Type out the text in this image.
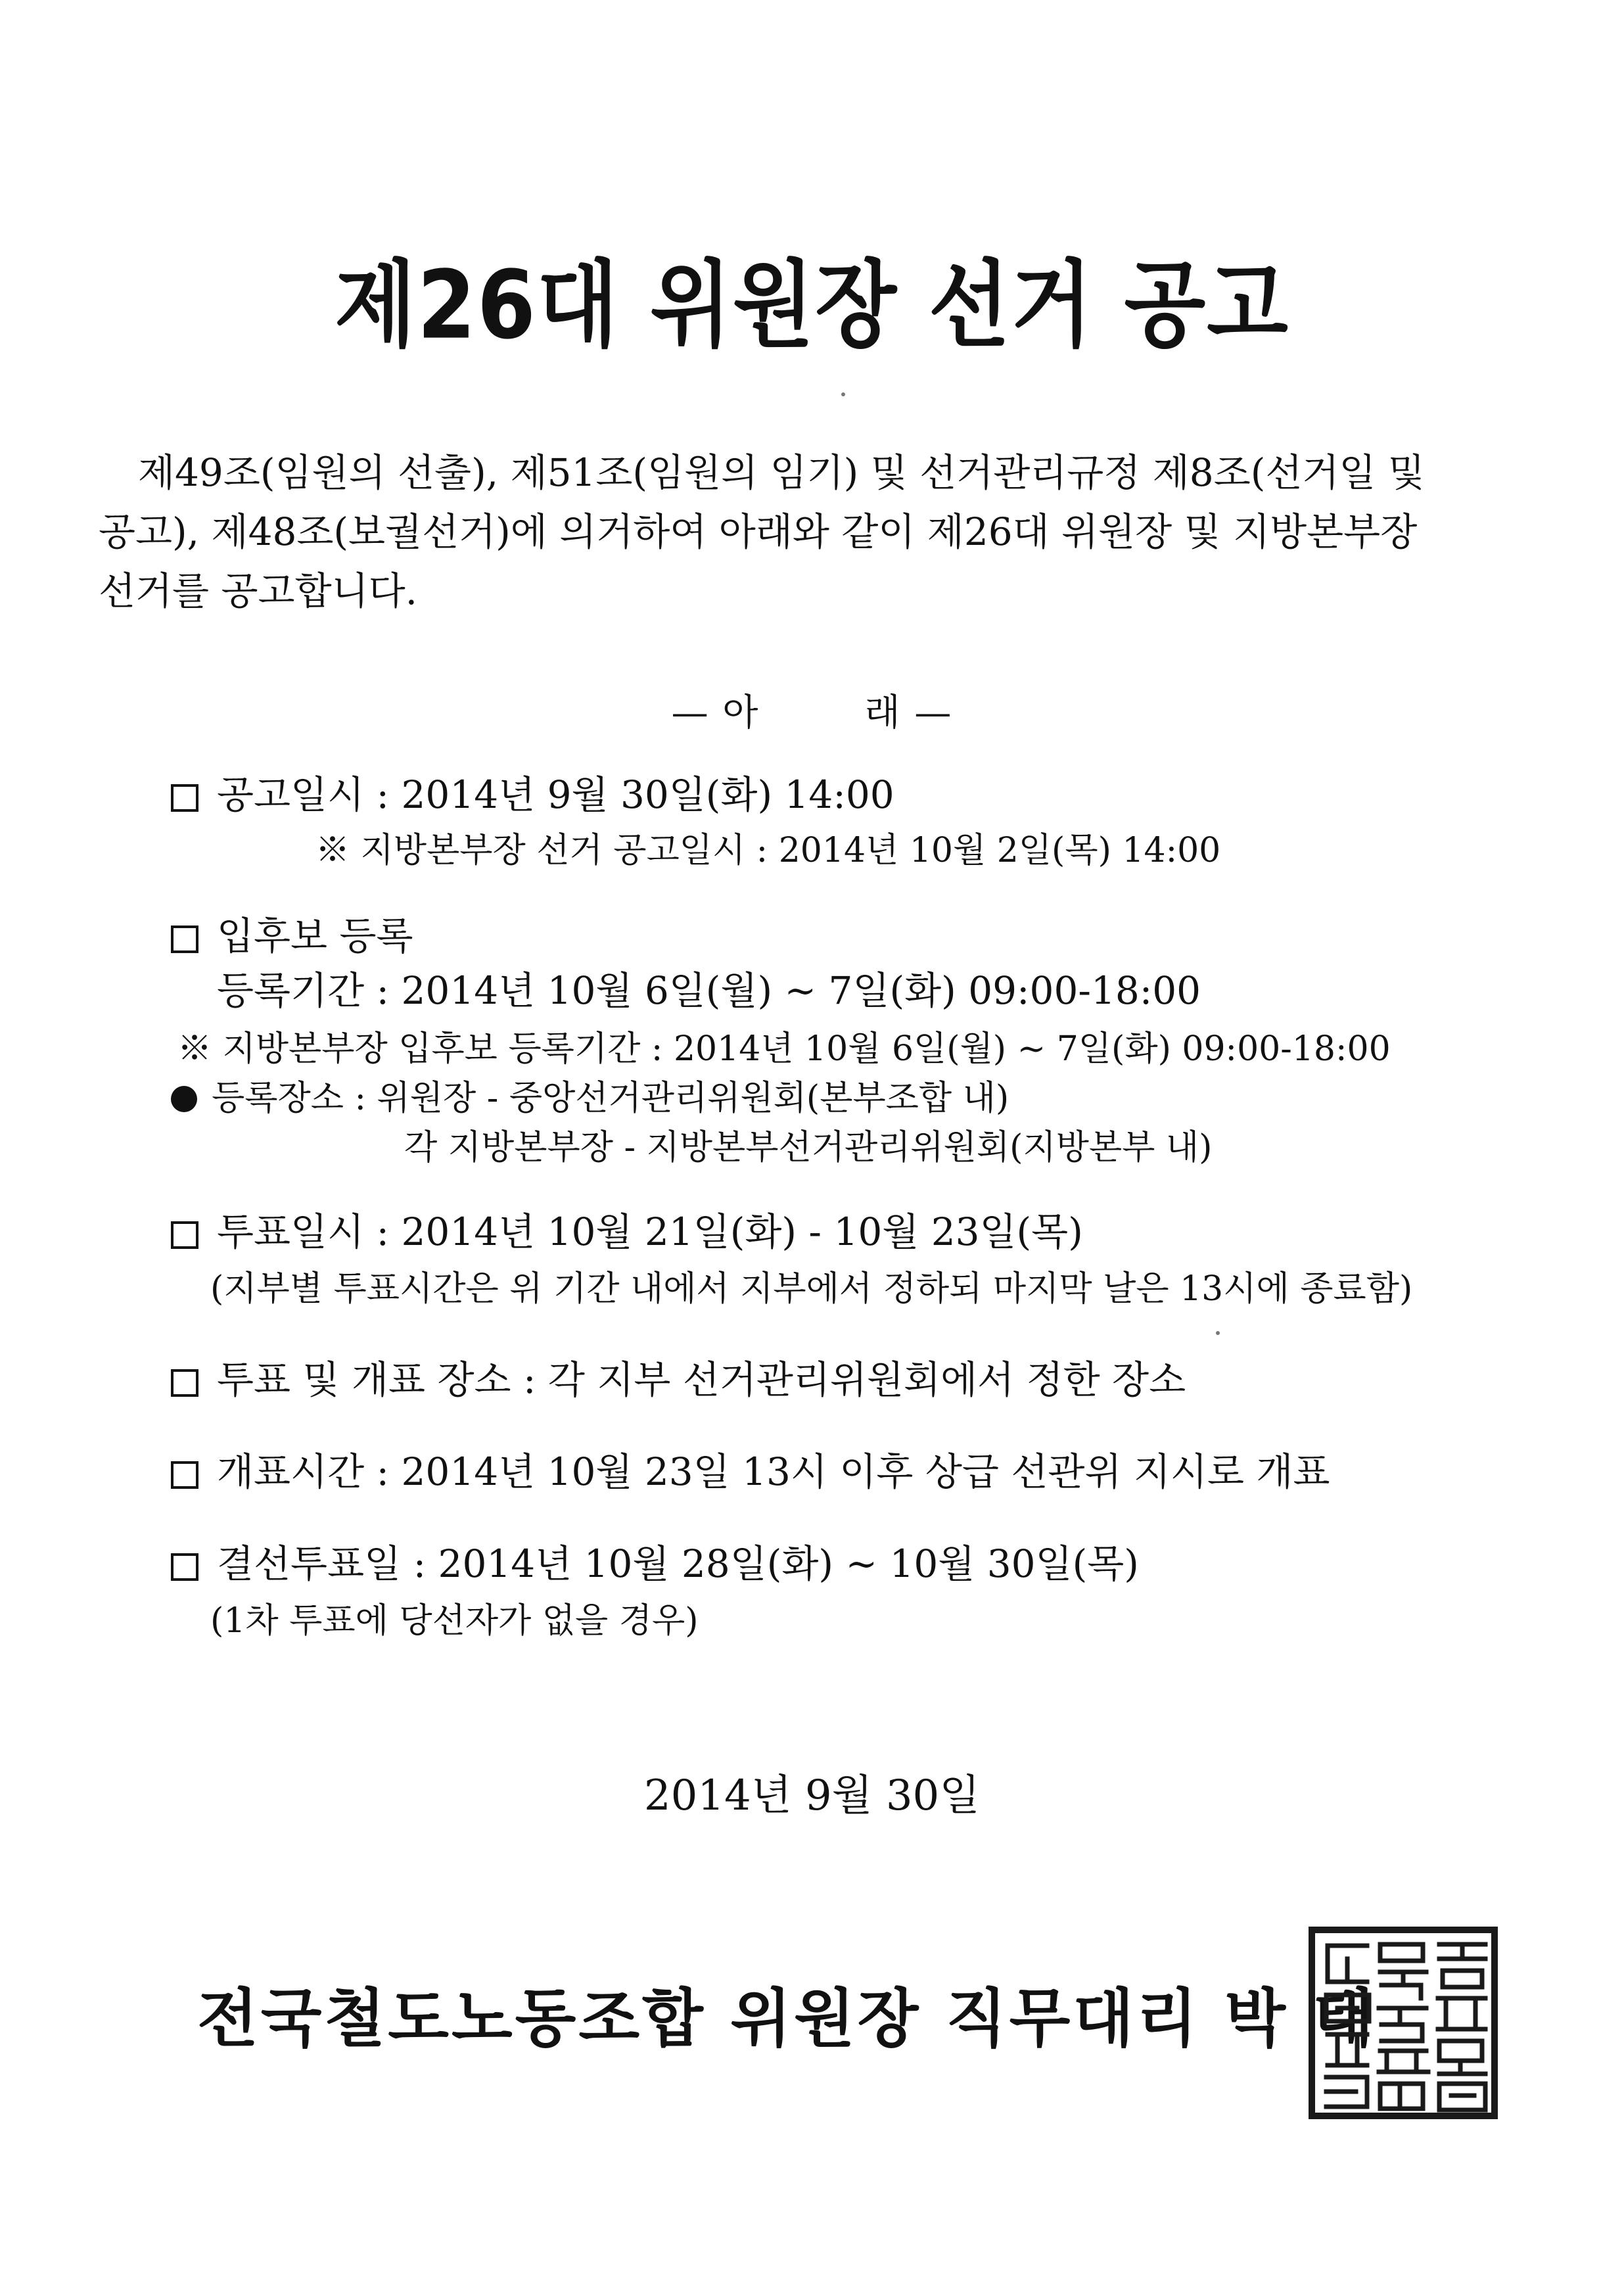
제26대 위원장 선거 공고
제49조(임원의 선출), 제51조(임원의 임기) 및 선거관리규정 제8조(선거일 및
공고), 제48조(보궐선거)에 의거하여 아래와 같이 제26대 위원장 및 지방본부장
선거를 공고합니다.
— 아	래 —
공고일시 : 2014년 9월 30일(화) 14:00
※ 지방본부장 선거 공고일시 : 2014년 10월 2일(목) 14:00
입후보 등록
등록기간 : 2014년 10월 6일(월) ~ 7일(화) 09:00-18:00
※ 지방본부장 입후보 등록기간 : 2014년 10월 6일(월) ~ 7일(화) 09:00-18:00
등록장소 : 위원장 - 중앙선거관리위원회(본부조합 내)
각 지방본부장 - 지방본부선거관리위원회(지방본부 내)
투표일시 : 2014년 10월 21일(화) - 10월 23일(목)
(지부별 투표시간은 위 기간 내에서 지부에서 정하되 마지막 날은 13시에 종료함)
투표 및 개표 장소 : 각 지부 선거관리위원회에서 정한 장소
개표시간 : 2014년 10월 23일 13시 이후 상급 선관위 지시로 개표
결선투표일 : 2014년 10월 28일(화) ~ 10월 30일(목)
(1차 투표에 당선자가 없을 경우)
2014년 9월 30일
전국철도노동조합 위원장 직무대리 박 태
